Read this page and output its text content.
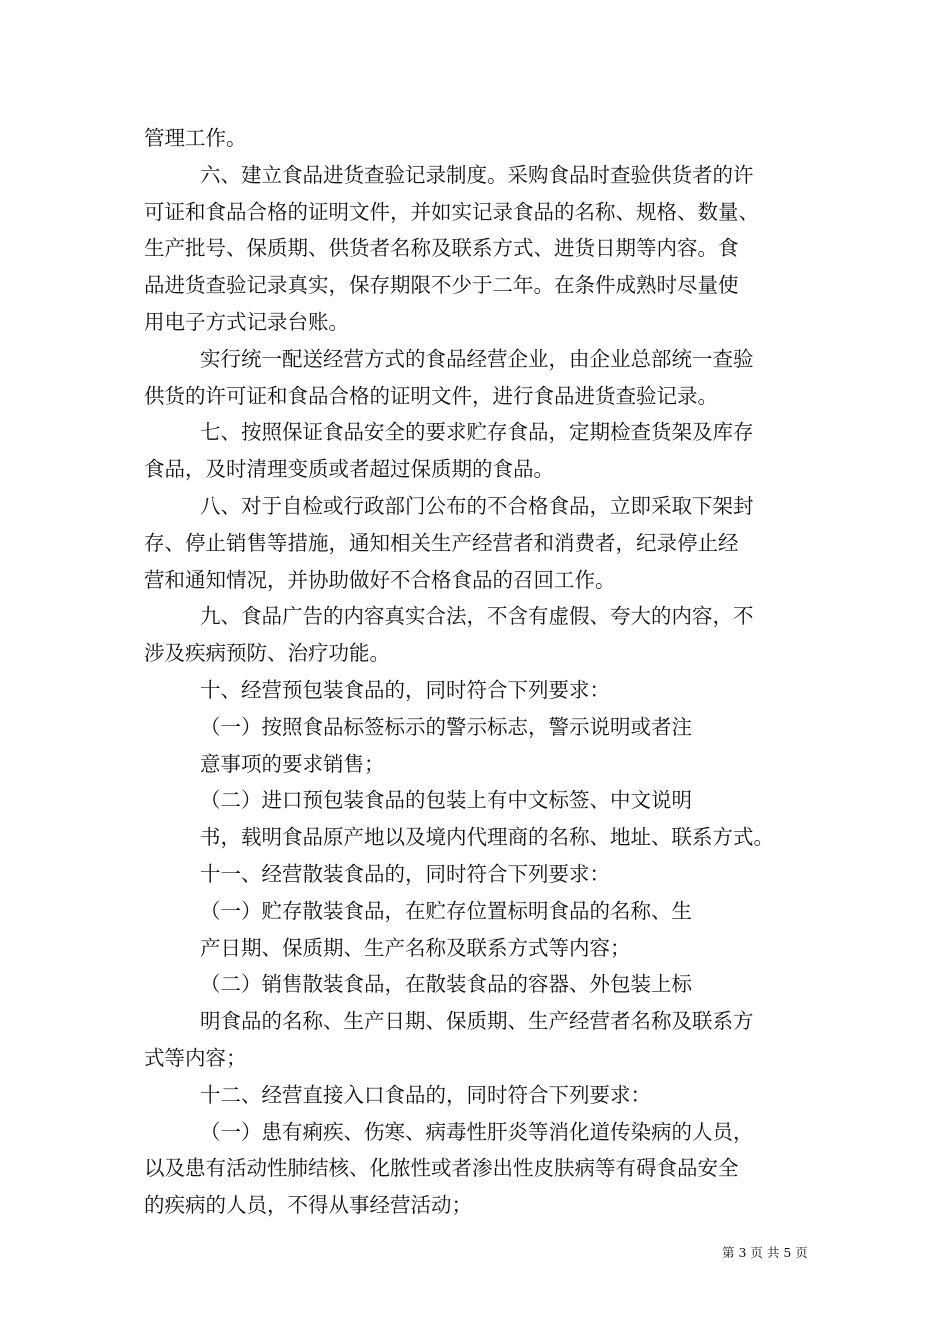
管理工作。
六、建立食品进货查验记录制度。采购食品时查验供货者的许
可证和食品合格的证明文件，并如实记录食品的名称、规格、数量、
生产批号、保质期、供货者名称及联系方式、进货日期等内容。食
品进货查验记录真实，保存期限不少于二年。在条件成熟时尽量使
用电子方式记录台账。
实行统一配送经营方式的食品经营企业，由企业总部统一查验
供货的许可证和食品合格的证明文件，进行食品进货查验记录。
七、按照保证食品安全的要求贮存食品，定期检查货架及库存
食品，及时清理变质或者超过保质期的食品。
八、对于自检或行政部门公布的不合格食品，立即采取下架封
存、停止销售等措施，通知相关生产经营者和消费者，纪录停止经
营和通知情况，并协助做好不合格食品的召回工作。
九、食品广告的内容真实合法，不含有虚假、夸大的内容，不
涉及疾病预防、治疗功能。
十、经营预包装食品的，同时符合下列要求：
（一）按照食品标签标示的警示标志，警示说明或者注
意事项的要求销售；
（二）进口预包装食品的包装上有中文标签、中文说明
书，载明食品原产地以及境内代理商的名称、地址、联系方式。
十一、经营散装食品的，同时符合下列要求：
（一）贮存散装食品，在贮存位置标明食品的名称、生
产日期、保质期、生产名称及联系方式等内容；
（二）销售散装食品，在散装食品的容器、外包装上标
明食品的名称、生产日期、保质期、生产经营者名称及联系方
式等内容；
十二、经营直接入口食品的，同时符合下列要求：
（一）患有痢疾、伤寒、病毒性肝炎等消化道传染病的人员，
以及患有活动性肺结核、化脓性或者渗出性皮肤病等有碍食品安全
的疾病的人员，不得从事经营活动；
第 3 页 共 5 页
